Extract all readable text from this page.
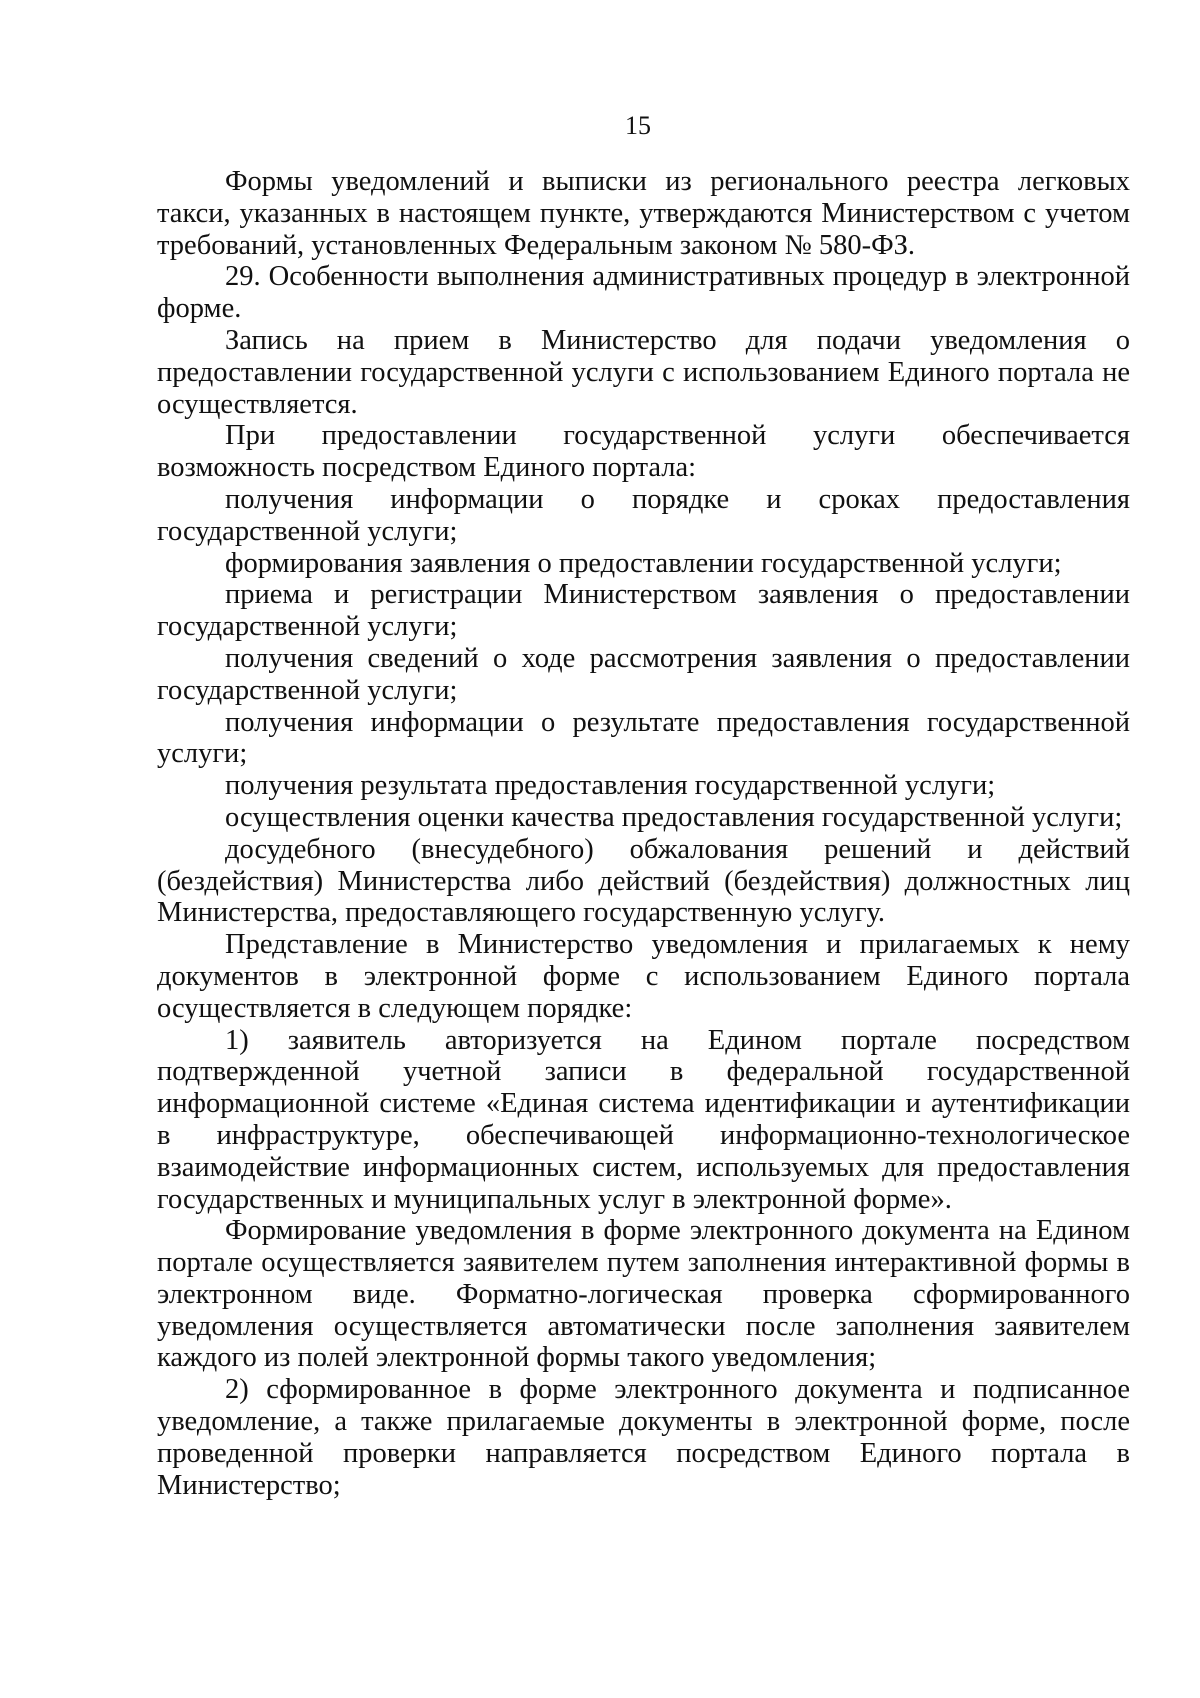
15

Формы уведомлений и выписки из регионального реестра легковых такси, указанных в настоящем пункте, утверждаются Министерством с учетом требований, установленных Федеральным законом № 580-ФЗ.

29. Особенности выполнения административных процедур в электронной форме.

Запись на прием в Министерство для подачи уведомления о предоставлении государственной услуги с использованием Единого портала не осуществляется.

При предоставлении государственной услуги обеспечивается возможность посредством Единого портала:

получения информации о порядке и сроках предоставления государственной услуги;

формирования заявления о предоставлении государственной услуги;

приема и регистрации Министерством заявления о предоставлении государственной услуги;

получения сведений о ходе рассмотрения заявления о предоставлении государственной услуги;

получения информации о результате предоставления государственной услуги;

получения результата предоставления государственной услуги;

осуществления оценки качества предоставления государственной услуги;

досудебного (внесудебного) обжалования решений и действий (бездействия) Министерства либо действий (бездействия) должностных лиц Министерства, предоставляющего государственную услугу.

Представление в Министерство уведомления и прилагаемых к нему документов в электронной форме с использованием Единого портала осуществляется в следующем порядке:

1) заявитель авторизуется на Едином портале посредством подтвержденной учетной записи в федеральной государственной информационной системе «Единая система идентификации и аутентификации в инфраструктуре, обеспечивающей информационно-технологическое взаимодействие информационных систем, используемых для предоставления государственных и муниципальных услуг в электронной форме».

Формирование уведомления в форме электронного документа на Едином портале осуществляется заявителем путем заполнения интерактивной формы в электронном виде. Форматно-логическая проверка сформированного уведомления осуществляется автоматически после заполнения заявителем каждого из полей электронной формы такого уведомления;

2) сформированное в форме электронного документа и подписанное уведомление, а также прилагаемые документы в электронной форме, после проведенной проверки направляется посредством Единого портала в Министерство;
